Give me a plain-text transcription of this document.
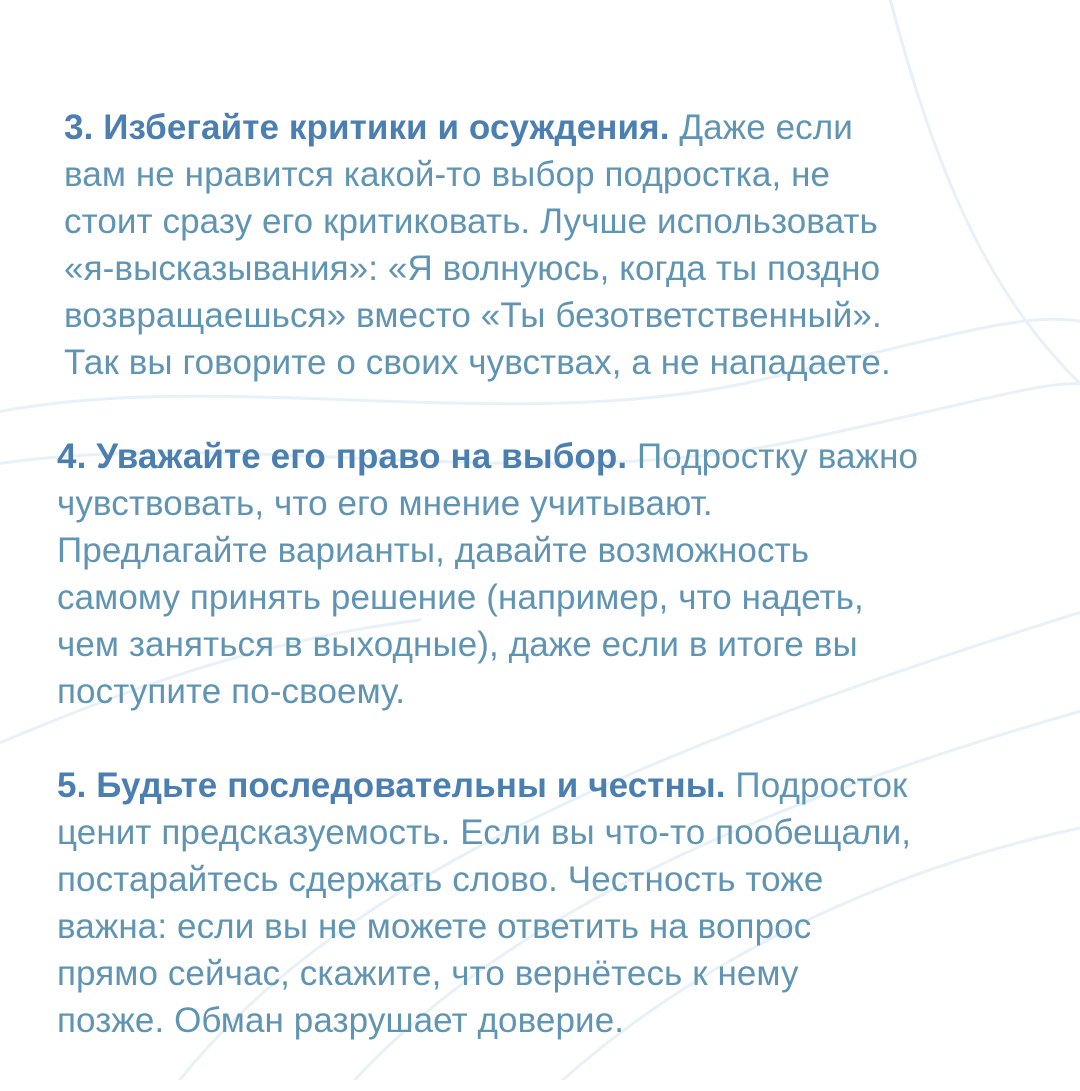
3. Избегайте критики и осуждения. Даже если
вам не нравится какой-то выбор подростка, не
стоит сразу его критиковать. Лучше использовать
«я-высказывания»: «Я волнуюсь, когда ты поздно
возвращаешься» вместо «Ты безответственный».
Так вы говорите о своих чувствах, а не нападаете.
4. Уважайте его право на выбор. Подростку важно
чувствовать, что его мнение учитывают.
Предлагайте варианты, давайте возможность
самому принять решение (например, что надеть,
чем заняться в выходные), даже если в итоге вы
поступите по-своему.
5. Будьте последовательны и честны. Подросток
ценит предсказуемость. Если вы что-то пообещали,
постарайтесь сдержать слово. Честность тоже
важна: если вы не можете ответить на вопрос
прямо сейчас, скажите, что вернётесь к нему
позже. Обман разрушает доверие.
